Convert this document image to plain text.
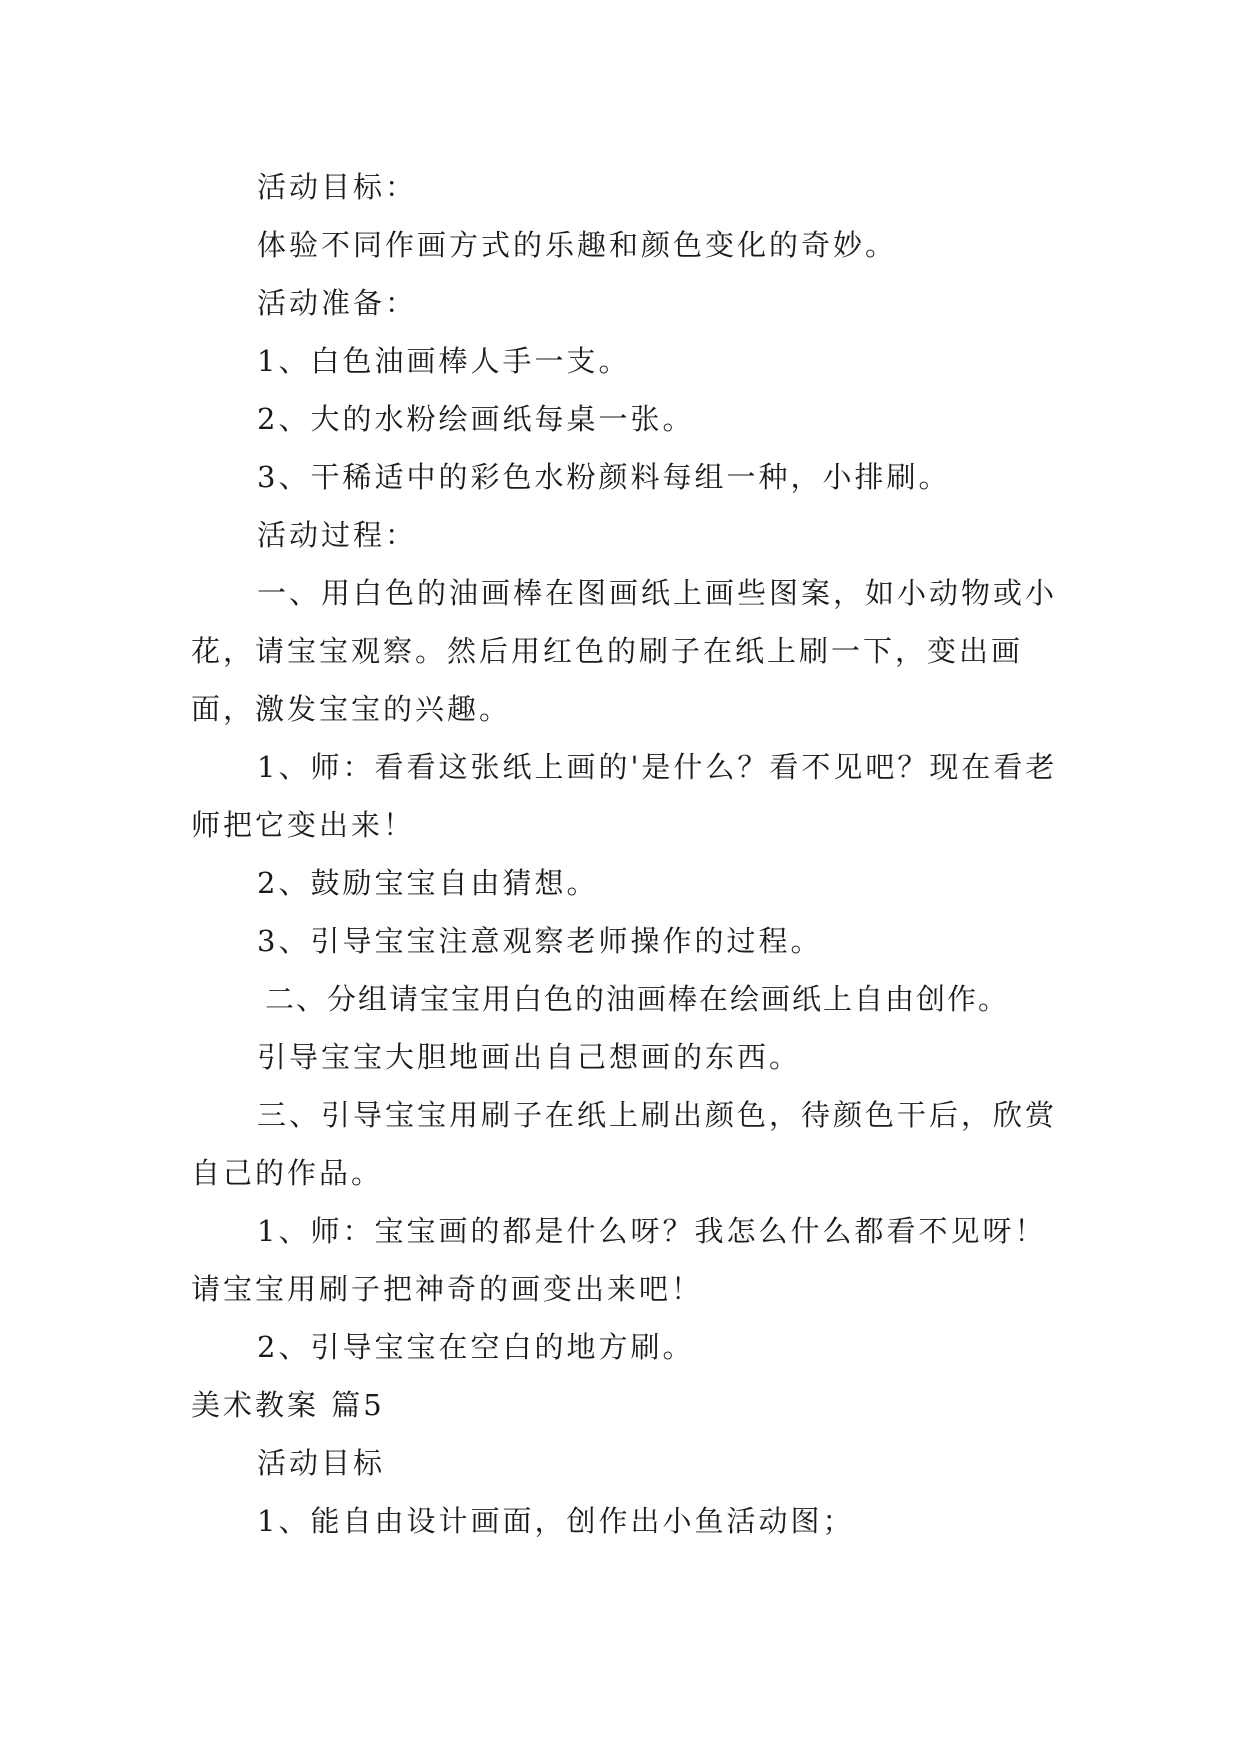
活动目标：

体验不同作画方式的乐趣和颜色变化的奇妙。

活动准备：

1、白色油画棒人手一支。

2、大的水粉绘画纸每桌一张。

3、干稀适中的彩色水粉颜料每组一种，小排刷。

活动过程：

一、用白色的油画棒在图画纸上画些图案，如小动物或小花，请宝宝观察。然后用红色的刷子在纸上刷一下，变出画面，激发宝宝的兴趣。

1、师：看看这张纸上画的'是什么？看不见吧？现在看老师把它变出来！

2、鼓励宝宝自由猜想。

3、引导宝宝注意观察老师操作的过程。

二、分组请宝宝用白色的油画棒在绘画纸上自由创作。

引导宝宝大胆地画出自己想画的东西。

三、引导宝宝用刷子在纸上刷出颜色，待颜色干后，欣赏自己的作品。

1、师：宝宝画的都是什么呀？我怎么什么都看不见呀！请宝宝用刷子把神奇的画变出来吧！

2、引导宝宝在空白的地方刷。

美术教案 篇5

活动目标

1、能自由设计画面，创作出小鱼活动图；
